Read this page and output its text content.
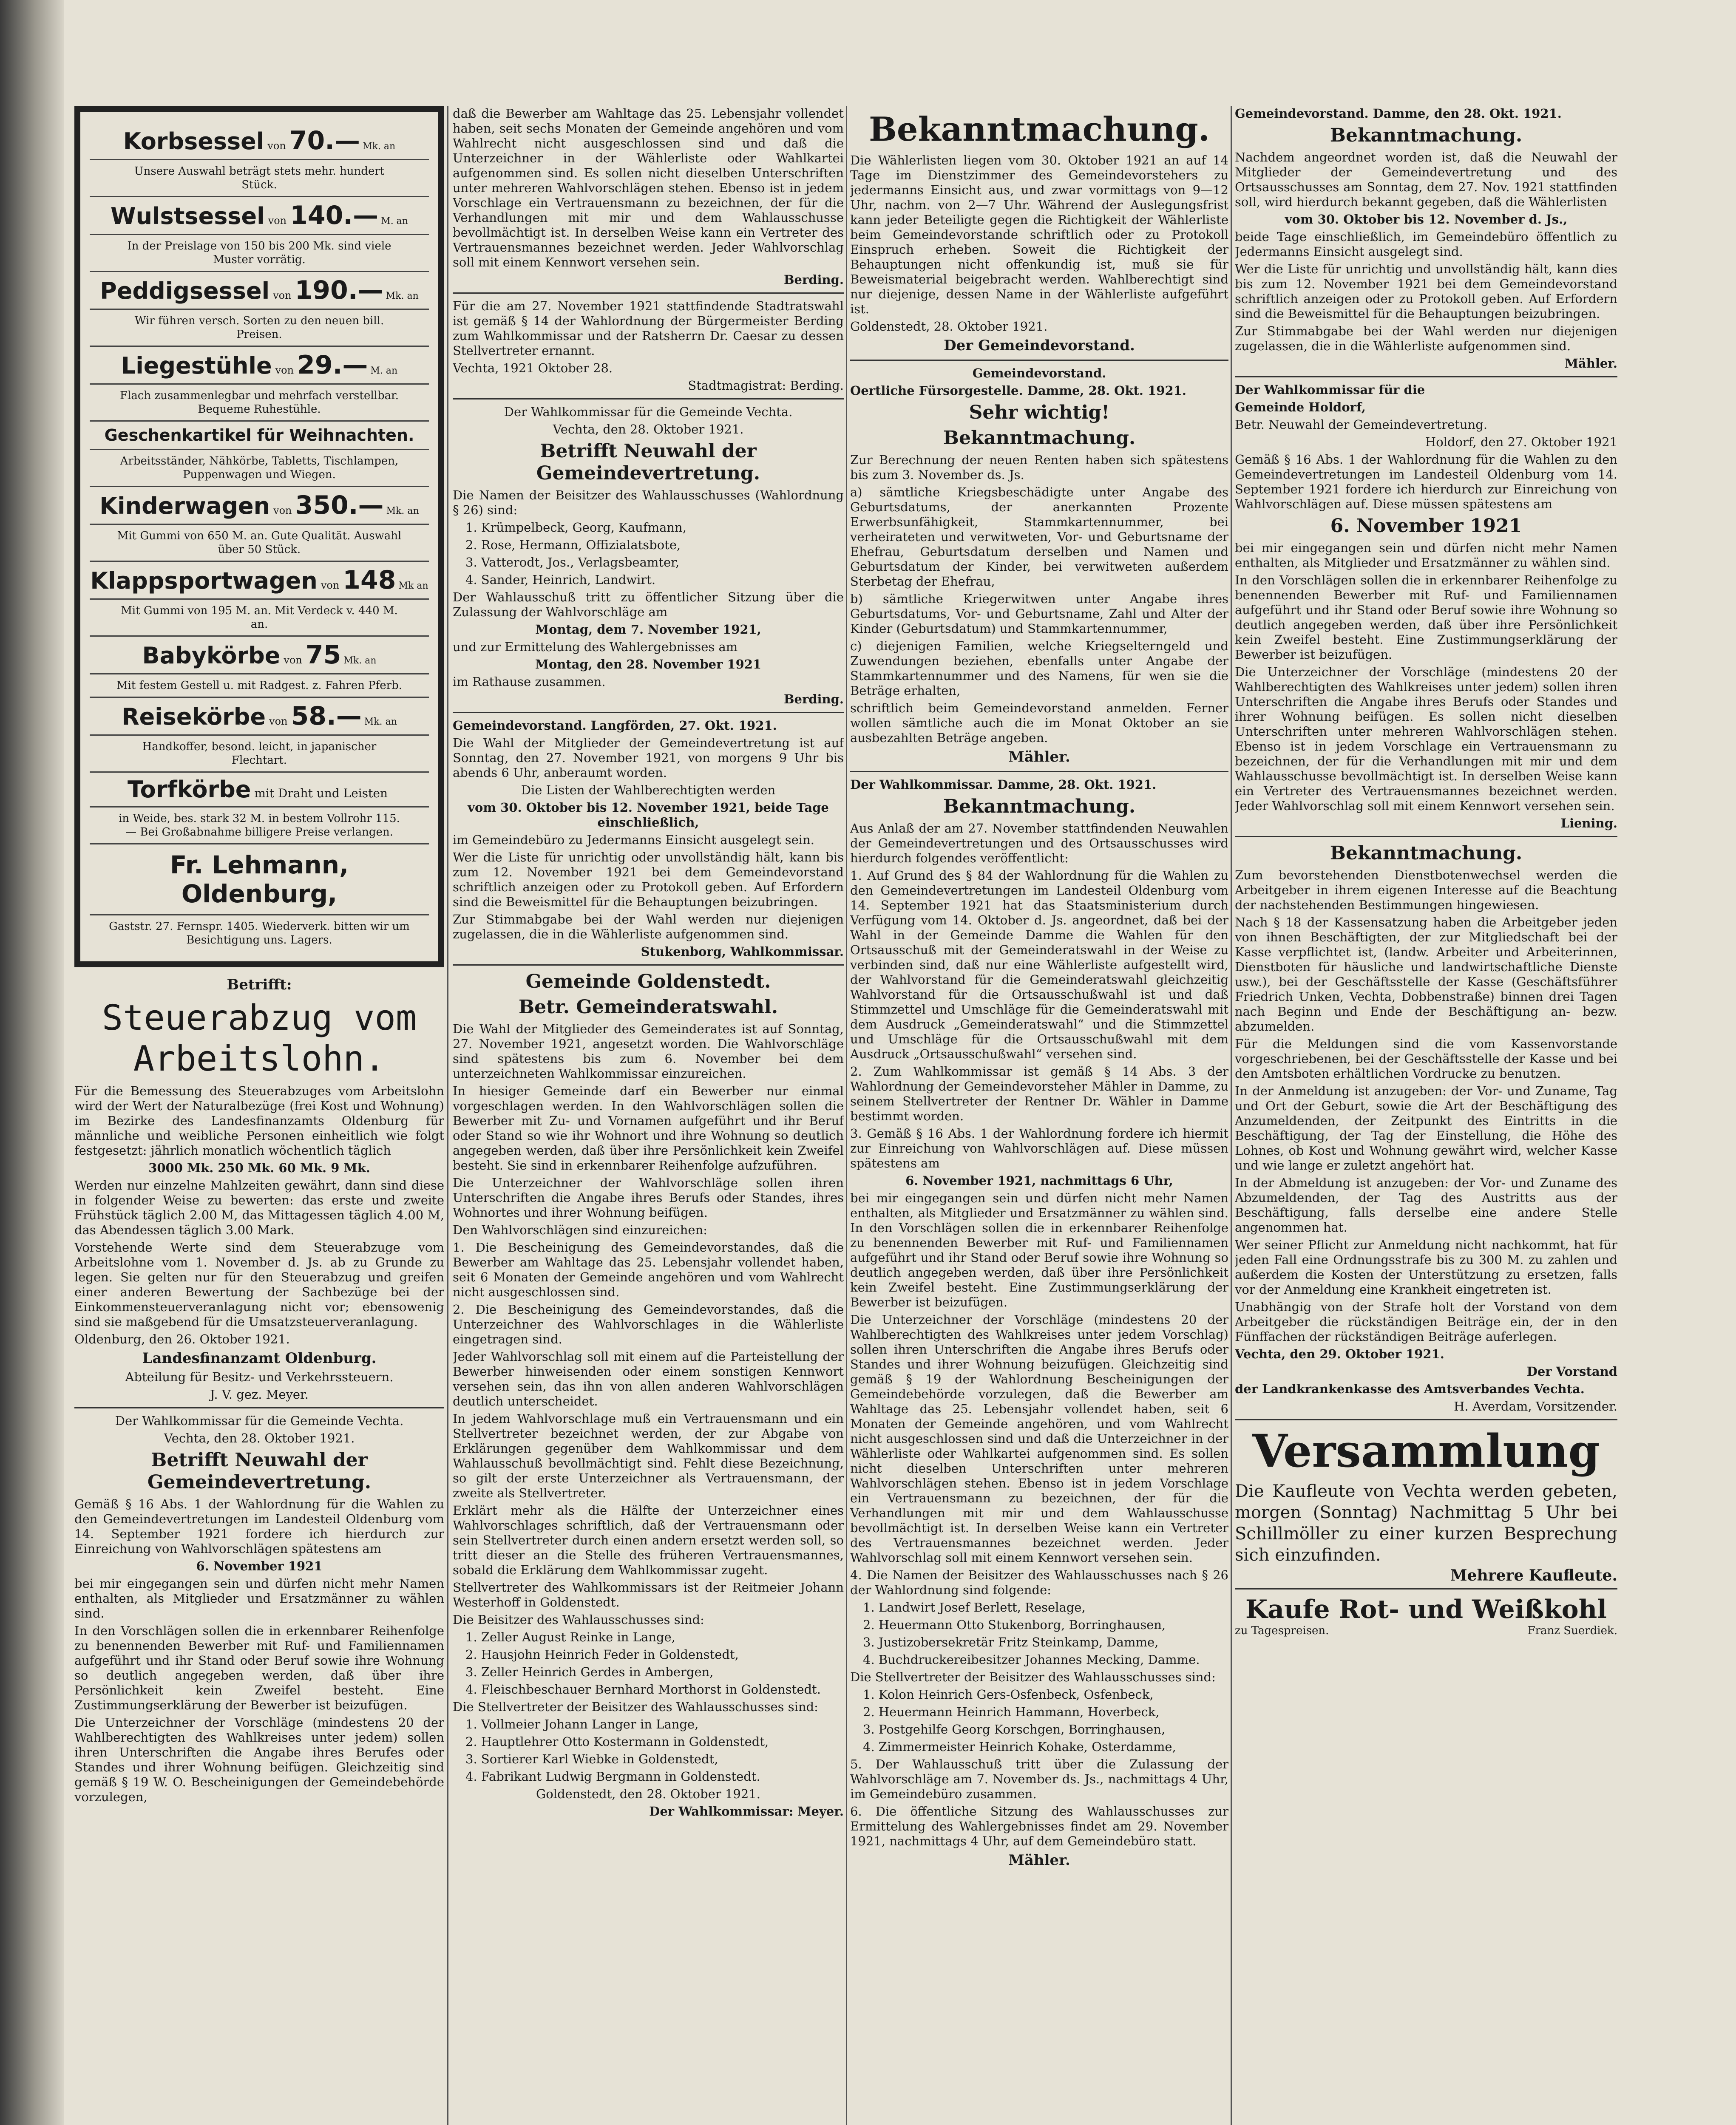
Korbsessel von 70.— Mk. an
Unsere Auswahl beträgt stets mehr. hundert Stück.
Wulstsessel von 140.— M. an
In der Preislage von 150 bis 200 Mk. sind viele Muster vorrätig.
Peddigsessel von 190.— Mk. an
Wir führen versch. Sorten zu den neuen bill. Preisen.
Liegestühle von 29.— M. an
Flach zusammenlegbar und mehrfach verstellbar. Bequeme Ruhestühle.
Geschenkartikel für Weihnachten.
Arbeitsständer, Nähkörbe, Tabletts, Tischlampen, Puppenwagen und Wiegen.
Kinderwagen von 350.— Mk. an
Mit Gummi von 650 M. an. Gute Qualität. Auswahl über 50 Stück.
Klappsportwagen von 148 Mk an
Mit Gummi von 195 M. an. Mit Verdeck v. 440 M. an.
Babykörbe von 75 Mk. an
Mit festem Gestell u. mit Radgest. z. Fahren Pferb.
Reisekörbe von 58.— Mk. an
Handkoffer, besond. leicht, in japanischer Flechtart.
Torfkörbe mit Draht und Leisten
in Weide, bes. stark 32 M. in bestem Vollrohr 115.— Bei Großabnahme billigere Preise verlangen.
Fr. Lehmann, Oldenburg,
Gaststr. 27. Fernspr. 1405. Wiederverk. bitten wir um Besichtigung uns. Lagers.
Betrifft:
Steuerabzug vom Arbeitslohn.

Für die Bemessung des Steuerabzuges vom Arbeitslohn wird der Wert der Naturalbezüge (frei Kost und Wohnung) im Bezirke des Landesfinanzamts Oldenburg für männliche und weibliche Personen einheitlich wie folgt festgesetzt: jährlich monatlich wöchentlich täglich

3000 Mk. 250 Mk. 60 Mk. 9 Mk.

Werden nur einzelne Mahlzeiten gewährt, dann sind diese in folgender Weise zu bewerten: das erste und zweite Frühstück täglich 2.00 M, das Mittagessen täglich 4.00 M, das Abendessen täglich 3.00 Mark.

Vorstehende Werte sind dem Steuerabzuge vom Arbeitslohne vom 1. November d. Js. ab zu Grunde zu legen. Sie gelten nur für den Steuerabzug und greifen einer anderen Bewertung der Sachbezüge bei der Einkommensteuerveranlagung nicht vor; ebensowenig sind sie maßgebend für die Umsatzsteuerveranlagung.

Oldenburg, den 26. Oktober 1921.

Landesfinanzamt Oldenburg.

Abteilung für Besitz- und Verkehrssteuern.

J. V. gez. Meyer.

Der Wahlkommissar für die Gemeinde Vechta.

Vechta, den 28. Oktober 1921.

Betrifft Neuwahl der Gemeindevertretung.

Gemäß § 16 Abs. 1 der Wahlordnung für die Wahlen zu den Gemeindevertretungen im Landesteil Oldenburg vom 14. September 1921 fordere ich hierdurch zur Einreichung von Wahlvorschlägen spätestens am

6. November 1921

bei mir eingegangen sein und dürfen nicht mehr Namen enthalten, als Mitglieder und Ersatzmänner zu wählen sind.

In den Vorschlägen sollen die in erkennbarer Reihenfolge zu benennenden Bewerber mit Ruf- und Familiennamen aufgeführt und ihr Stand oder Beruf sowie ihre Wohnung so deutlich angegeben werden, daß über ihre Persönlichkeit kein Zweifel besteht. Eine Zustimmungserklärung der Bewerber ist beizufügen.

Die Unterzeichner der Vorschläge (mindestens 20 der Wahlberechtigten des Wahlkreises unter jedem) sollen ihren Unterschriften die Angabe ihres Berufes oder Standes und ihrer Wohnung beifügen. Gleichzeitig sind gemäß § 19 W. O. Bescheinigungen der Gemeindebehörde vorzulegen,

daß die Bewerber am Wahltage das 25. Lebensjahr vollendet haben, seit sechs Monaten der Gemeinde angehören und vom Wahlrecht nicht ausgeschlossen sind und daß die Unterzeichner in der Wählerliste oder Wahlkartei aufgenommen sind. Es sollen nicht dieselben Unterschriften unter mehreren Wahlvorschlägen stehen. Ebenso ist in jedem Vorschlage ein Vertrauensmann zu bezeichnen, der für die Verhandlungen mit mir und dem Wahlausschusse bevollmächtigt ist. In derselben Weise kann ein Vertreter des Vertrauensmannes bezeichnet werden. Jeder Wahlvorschlag soll mit einem Kennwort versehen sein.

Berding.

Für die am 27. November 1921 stattfindende Stadtratswahl ist gemäß § 14 der Wahlordnung der Bürgermeister Berding zum Wahlkommissar und der Ratsherrn Dr. Caesar zu dessen Stellvertreter ernannt.

Vechta, 1921 Oktober 28.

Stadtmagistrat: Berding.

Der Wahlkommissar für die Gemeinde Vechta.

Vechta, den 28. Oktober 1921.

Betrifft Neuwahl der Gemeindevertretung.

Die Namen der Beisitzer des Wahlausschusses (Wahlordnung § 26) sind:

1. Krümpelbeck, Georg, Kaufmann,

2. Rose, Hermann, Offizialatsbote,

3. Vatterodt, Jos., Verlagsbeamter,

4. Sander, Heinrich, Landwirt.

Der Wahlausschuß tritt zu öffentlicher Sitzung über die Zulassung der Wahlvorschläge am

Montag, dem 7. November 1921,

und zur Ermittelung des Wahlergebnisses am

Montag, den 28. November 1921

im Rathause zusammen.

Berding.

Gemeindevorstand. Langförden, 27. Okt. 1921.

Die Wahl der Mitglieder der Gemeindevertretung ist auf Sonntag, den 27. November 1921, von morgens 9 Uhr bis abends 6 Uhr, anberaumt worden.

Die Listen der Wahlberechtigten werden

vom 30. Oktober bis 12. November 1921, beide Tage einschließlich,

im Gemeindebüro zu Jedermanns Einsicht ausgelegt sein.

Wer die Liste für unrichtig oder unvollständig hält, kann bis zum 12. November 1921 bei dem Gemeindevorstand schriftlich anzeigen oder zu Protokoll geben. Auf Erfordern sind die Beweismittel für die Behauptungen beizubringen.

Zur Stimmabgabe bei der Wahl werden nur diejenigen zugelassen, die in die Wählerliste aufgenommen sind.

Stukenborg, Wahlkommissar.

Gemeinde Goldenstedt.
Betr. Gemeinderatswahl.

Die Wahl der Mitglieder des Gemeinderates ist auf Sonntag, 27. November 1921, angesetzt worden. Die Wahlvorschläge sind spätestens bis zum 6. November bei dem unterzeichneten Wahlkommissar einzureichen.

In hiesiger Gemeinde darf ein Bewerber nur einmal vorgeschlagen werden. In den Wahlvorschlägen sollen die Bewerber mit Zu- und Vornamen aufgeführt und ihr Beruf oder Stand so wie ihr Wohnort und ihre Wohnung so deutlich angegeben werden, daß über ihre Persönlichkeit kein Zweifel besteht. Sie sind in erkennbarer Reihenfolge aufzuführen.

Die Unterzeichner der Wahlvorschläge sollen ihren Unterschriften die Angabe ihres Berufs oder Standes, ihres Wohnortes und ihrer Wohnung beifügen.

Den Wahlvorschlägen sind einzureichen:

1. Die Bescheinigung des Gemeindevorstandes, daß die Bewerber am Wahltage das 25. Lebensjahr vollendet haben, seit 6 Monaten der Gemeinde angehören und vom Wahlrecht nicht ausgeschlossen sind.

2. Die Bescheinigung des Gemeindevorstandes, daß die Unterzeichner des Wahlvorschlages in die Wählerliste eingetragen sind.

Jeder Wahlvorschlag soll mit einem auf die Parteistellung der Bewerber hinweisenden oder einem sonstigen Kennwort versehen sein, das ihn von allen anderen Wahlvorschlägen deutlich unterscheidet.

In jedem Wahlvorschlage muß ein Vertrauensmann und ein Stellvertreter bezeichnet werden, der zur Abgabe von Erklärungen gegenüber dem Wahlkommissar und dem Wahlausschuß bevollmächtigt sind. Fehlt diese Bezeichnung, so gilt der erste Unterzeichner als Vertrauensmann, der zweite als Stellvertreter.

Erklärt mehr als die Hälfte der Unterzeichner eines Wahlvorschlages schriftlich, daß der Vertrauensmann oder sein Stellvertreter durch einen andern ersetzt werden soll, so tritt dieser an die Stelle des früheren Vertrauensmannes, sobald die Erklärung dem Wahlkommissar zugeht.

Stellvertreter des Wahlkommissars ist der Reitmeier Johann Westerhoff in Goldenstedt.

Die Beisitzer des Wahlausschusses sind:

1. Zeller August Reinke in Lange,

2. Hausjohn Heinrich Feder in Goldenstedt,

3. Zeller Heinrich Gerdes in Ambergen,

4. Fleischbeschauer Bernhard Morthorst in Goldenstedt.

Die Stellvertreter der Beisitzer des Wahlausschusses sind:

1. Vollmeier Johann Langer in Lange,

2. Hauptlehrer Otto Kostermann in Goldenstedt,

3. Sortierer Karl Wiebke in Goldenstedt,

4. Fabrikant Ludwig Bergmann in Goldenstedt.

Goldenstedt, den 28. Oktober 1921.

Der Wahlkommissar: Meyer.

Bekanntmachung.

Die Wählerlisten liegen vom 30. Oktober 1921 an auf 14 Tage im Dienstzimmer des Gemeindevorstehers zu jedermanns Einsicht aus, und zwar vormittags von 9—12 Uhr, nachm. von 2—7 Uhr. Während der Auslegungsfrist kann jeder Beteiligte gegen die Richtigkeit der Wählerliste beim Gemeindevorstande schriftlich oder zu Protokoll Einspruch erheben. Soweit die Richtigkeit der Behauptungen nicht offenkundig ist, muß sie für Beweismaterial beigebracht werden. Wahlberechtigt sind nur diejenige, dessen Name in der Wählerliste aufgeführt ist.

Goldenstedt, 28. Oktober 1921.

Der Gemeindevorstand.

Gemeindevorstand.

Oertliche Fürsorgestelle. Damme, 28. Okt. 1921.

Sehr wichtig!
Bekanntmachung.

Zur Berechnung der neuen Renten haben sich spätestens bis zum 3. November ds. Js.

a) sämtliche Kriegsbeschädigte unter Angabe des Geburtsdatums, der anerkannten Prozente Erwerbsunfähigkeit, Stammkartennummer, bei verheirateten und verwitweten, Vor- und Geburtsname der Ehefrau, Geburtsdatum derselben und Namen und Geburtsdatum der Kinder, bei verwitweten außerdem Sterbetag der Ehefrau,

b) sämtliche Kriegerwitwen unter Angabe ihres Geburtsdatums, Vor- und Geburtsname, Zahl und Alter der Kinder (Geburtsdatum) und Stammkartennummer,

c) diejenigen Familien, welche Kriegselterngeld und Zuwendungen beziehen, ebenfalls unter Angabe der Stammkartennummer und des Namens, für wen sie die Beträge erhalten,

schriftlich beim Gemeindevorstand anmelden. Ferner wollen sämtliche auch die im Monat Oktober an sie ausbezahlten Beträge angeben.

Mähler.

Der Wahlkommissar. Damme, 28. Okt. 1921.

Bekanntmachung.

Aus Anlaß der am 27. November stattfindenden Neuwahlen der Gemeindevertretungen und des Ortsausschusses wird hierdurch folgendes veröffentlicht:

1. Auf Grund des § 84 der Wahlordnung für die Wahlen zu den Gemeindevertretungen im Landesteil Oldenburg vom 14. September 1921 hat das Staatsministerium durch Verfügung vom 14. Oktober d. Js. angeordnet, daß bei der Wahl in der Gemeinde Damme die Wahlen für den Ortsausschuß mit der Gemeinderatswahl in der Weise zu verbinden sind, daß nur eine Wählerliste aufgestellt wird, der Wahlvorstand für die Gemeinderatswahl gleichzeitig Wahlvorstand für die Ortsausschußwahl ist und daß Stimmzettel und Umschläge für die Gemeinderatswahl mit dem Ausdruck „Gemeinderatswahl“ und die Stimmzettel und Umschläge für die Ortsausschußwahl mit dem Ausdruck „Ortsausschußwahl“ versehen sind.

2. Zum Wahlkommissar ist gemäß § 14 Abs. 3 der Wahlordnung der Gemeindevorsteher Mähler in Damme, zu seinem Stellvertreter der Rentner Dr. Wähler in Damme bestimmt worden.

3. Gemäß § 16 Abs. 1 der Wahlordnung fordere ich hiermit zur Einreichung von Wahlvorschlägen auf. Diese müssen spätestens am

6. November 1921, nachmittags 6 Uhr,

bei mir eingegangen sein und dürfen nicht mehr Namen enthalten, als Mitglieder und Ersatzmänner zu wählen sind. In den Vorschlägen sollen die in erkennbarer Reihenfolge zu benennenden Bewerber mit Ruf- und Familiennamen aufgeführt und ihr Stand oder Beruf sowie ihre Wohnung so deutlich angegeben werden, daß über ihre Persönlichkeit kein Zweifel besteht. Eine Zustimmungserklärung der Bewerber ist beizufügen.

Die Unterzeichner der Vorschläge (mindestens 20 der Wahlberechtigten des Wahlkreises unter jedem Vorschlag) sollen ihren Unterschriften die Angabe ihres Berufs oder Standes und ihrer Wohnung beizufügen. Gleichzeitig sind gemäß § 19 der Wahlordnung Bescheinigungen der Gemeindebehörde vorzulegen, daß die Bewerber am Wahltage das 25. Lebensjahr vollendet haben, seit 6 Monaten der Gemeinde angehören, und vom Wahlrecht nicht ausgeschlossen sind und daß die Unterzeichner in der Wählerliste oder Wahlkartei aufgenommen sind. Es sollen nicht dieselben Unterschriften unter mehreren Wahlvorschlägen stehen. Ebenso ist in jedem Vorschlage ein Vertrauensmann zu bezeichnen, der für die Verhandlungen mit mir und dem Wahlausschusse bevollmächtigt ist. In derselben Weise kann ein Vertreter des Vertrauensmannes bezeichnet werden. Jeder Wahlvorschlag soll mit einem Kennwort versehen sein.

4. Die Namen der Beisitzer des Wahlausschusses nach § 26 der Wahlordnung sind folgende:

1. Landwirt Josef Berlett, Reselage,

2. Heuermann Otto Stukenborg, Borringhausen,

3. Justizobersekretär Fritz Steinkamp, Damme,

4. Buchdruckereibesitzer Johannes Mecking, Damme.

Die Stellvertreter der Beisitzer des Wahlausschusses sind:

1. Kolon Heinrich Gers-Osfenbeck, Osfenbeck,

2. Heuermann Heinrich Hammann, Hoverbeck,

3. Postgehilfe Georg Korschgen, Borringhausen,

4. Zimmermeister Heinrich Kohake, Osterdamme,

5. Der Wahlausschuß tritt über die Zulassung der Wahlvorschläge am 7. November ds. Js., nachmittags 4 Uhr, im Gemeindebüro zusammen.

6. Die öffentliche Sitzung des Wahlausschusses zur Ermittelung des Wahlergebnisses findet am 29. November 1921, nachmittags 4 Uhr, auf dem Gemeindebüro statt.

Mähler.

Gemeindevorstand. Damme, den 28. Okt. 1921.

Bekanntmachung.

Nachdem angeordnet worden ist, daß die Neuwahl der Mitglieder der Gemeindevertretung und des Ortsausschusses am Sonntag, dem 27. Nov. 1921 stattfinden soll, wird hierdurch bekannt gegeben, daß die Wählerlisten

vom 30. Oktober bis 12. November d. Js.,

beide Tage einschließlich, im Gemeindebüro öffentlich zu Jedermanns Einsicht ausgelegt sind.

Wer die Liste für unrichtig und unvollständig hält, kann dies bis zum 12. November 1921 bei dem Gemeindevorstand schriftlich anzeigen oder zu Protokoll geben. Auf Erfordern sind die Beweismittel für die Behauptungen beizubringen.

Zur Stimmabgabe bei der Wahl werden nur diejenigen zugelassen, die in die Wählerliste aufgenommen sind.

Mähler.

Der Wahlkommissar für die

Gemeinde Holdorf,

Betr. Neuwahl der Gemeindevertretung.

Holdorf, den 27. Oktober 1921

Gemäß § 16 Abs. 1 der Wahlordnung für die Wahlen zu den Gemeindevertretungen im Landesteil Oldenburg vom 14. September 1921 fordere ich hierdurch zur Einreichung von Wahlvorschlägen auf. Diese müssen spätestens am

6. November 1921

bei mir eingegangen sein und dürfen nicht mehr Namen enthalten, als Mitglieder und Ersatzmänner zu wählen sind.

In den Vorschlägen sollen die in erkennbarer Reihenfolge zu benennenden Bewerber mit Ruf- und Familiennamen aufgeführt und ihr Stand oder Beruf sowie ihre Wohnung so deutlich angegeben werden, daß über ihre Persönlichkeit kein Zweifel besteht. Eine Zustimmungserklärung der Bewerber ist beizufügen.

Die Unterzeichner der Vorschläge (mindestens 20 der Wahlberechtigten des Wahlkreises unter jedem) sollen ihren Unterschriften die Angabe ihres Berufs oder Standes und ihrer Wohnung beifügen. Es sollen nicht dieselben Unterschriften unter mehreren Wahlvorschlägen stehen. Ebenso ist in jedem Vorschlage ein Vertrauensmann zu bezeichnen, der für die Verhandlungen mit mir und dem Wahlausschusse bevollmächtigt ist. In derselben Weise kann ein Vertreter des Vertrauensmannes bezeichnet werden. Jeder Wahlvorschlag soll mit einem Kennwort versehen sein.

Liening.

Bekanntmachung.

Zum bevorstehenden Dienstbotenwechsel werden die Arbeitgeber in ihrem eigenen Interesse auf die Beachtung der nachstehenden Bestimmungen hingewiesen.

Nach § 18 der Kassensatzung haben die Arbeitgeber jeden von ihnen Beschäftigten, der zur Mitgliedschaft bei der Kasse verpflichtet ist, (landw. Arbeiter und Arbeiterinnen, Dienstboten für häusliche und landwirtschaftliche Dienste usw.), bei der Geschäftsstelle der Kasse (Geschäftsführer Friedrich Unken, Vechta, Dobbenstraße) binnen drei Tagen nach Beginn und Ende der Beschäftigung an- bezw. abzumelden.

Für die Meldungen sind die vom Kassenvorstande vorgeschriebenen, bei der Geschäftsstelle der Kasse und bei den Amtsboten erhältlichen Vordrucke zu benutzen.

In der Anmeldung ist anzugeben: der Vor- und Zuname, Tag und Ort der Geburt, sowie die Art der Beschäftigung des Anzumeldenden, der Zeitpunkt des Eintritts in die Beschäftigung, der Tag der Einstellung, die Höhe des Lohnes, ob Kost und Wohnung gewährt wird, welcher Kasse und wie lange er zuletzt angehört hat.

In der Abmeldung ist anzugeben: der Vor- und Zuname des Abzumeldenden, der Tag des Austritts aus der Beschäftigung, falls derselbe eine andere Stelle angenommen hat.

Wer seiner Pflicht zur Anmeldung nicht nachkommt, hat für jeden Fall eine Ordnungsstrafe bis zu 300 M. zu zahlen und außerdem die Kosten der Unterstützung zu ersetzen, falls vor der Anmeldung eine Krankheit eingetreten ist.

Unabhängig von der Strafe holt der Vorstand von dem Arbeitgeber die rückständigen Beiträge ein, der in den Fünffachen der rückständigen Beiträge auferlegen.

Vechta, den 29. Oktober 1921.

Der Vorstand

der Landkrankenkasse des Amtsverbandes Vechta.

H. Averdam, Vorsitzender.

Versammlung

Die Kaufleute von Vechta werden gebeten, morgen (Sonntag) Nachmittag 5 Uhr bei Schillmöller zu einer kurzen Besprechung sich einzufinden.

Mehrere Kaufleute.

Kaufe Rot- und Weißkohl
zu Tagespreisen.	Franz Suerdiek.
